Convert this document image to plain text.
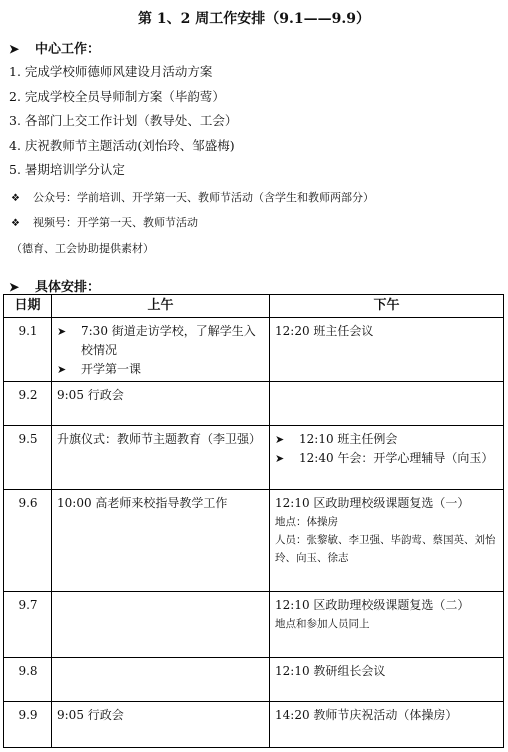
第 1、2 周工作安排（9.1——9.9）
➤ 中心工作：
1. 完成学校师德师风建设月活动方案
2. 完成学校全员导师制方案（毕韵莺）
3. 各部门上交工作计划（教导处、工会）
4. 庆祝教师节主题活动(刘怡玲、邹盛梅)
5. 暑期培训学分认定
❖ 公众号：学前培训、开学第一天、教师节活动（含学生和教师两部分）
❖ 视频号：开学第一天、教师节活动
（德育、工会协助提供素材）
➤ 具体安排：
日期	上午	下午

9.1	➤ 7:30 街道走访学校，了解学生入校情况
➤ 开学第一课	12:20 班主任会议

9.2	9:05 行政会	

9.5	升旗仪式：教师节主题教育（李卫强）	➤ 12:10 班主任例会
➤ 12:40 午会：开学心理辅导（向玉）

9.6	10:00 高老师来校指导教学工作	12:10 区政助理校级课题复选（一）
地点：体操房
人员：张黎敏、李卫强、毕韵莺、蔡国英、刘怡玲、向玉、徐志

9.7		12:10 区政助理校级课题复选（二）
地点和参加人员同上

9.8		12:10 教研组长会议

9.9	9:05 行政会	14:20 教师节庆祝活动（体操房）
